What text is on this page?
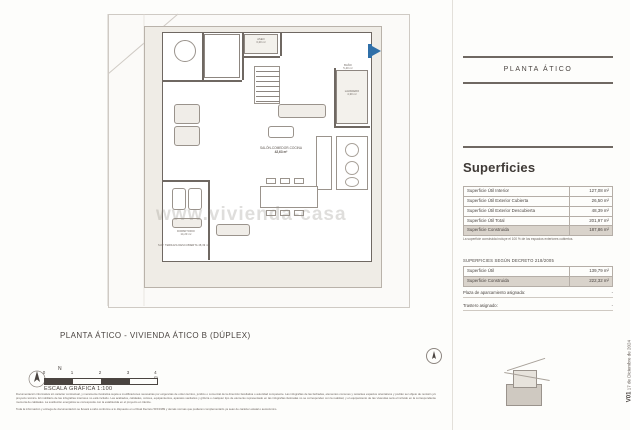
SALÓN-COMEDOR-COCINA
42,63 m²
ASEO
3,20 m²
LAVADERO
4,30 m²
BAÑO
5,40 m²
DORMITORIO
14,20 m²
SUP. TERRAZA DESCUBIERTA 48,39 m²
www.vivienda-casa
PLANTA ÁTICO - VIVIENDA ÁTICO B (DÚPLEX)
N
0	1	2	3	4 m
ESCALA GRÁFICA 1:100

Documentación informativa sin carácter contractual, y meramente ilustrativa sujeta a modificaciones necesarias por exigencias de orden técnico, jurídico o comercial de la dirección facultativa o autoridad competente. Las infografías de las fachadas, elementos comunes y restantes espacios orientativos y podrán ser objeto de revisión y/o proyecto técnico. El mobiliario de las infografías interiores no está incluido. Las acabados, calidades, colores, equipamientos, aparatos sanitarios y grifería o cualquier tipo de elemento representado en las infografías ilustradas no se corresponden con la realidad, y el equipamiento de las viviendas será el incluido en la correspondiente memoria de calidades. La sustitución energética se corresponde con la establecida en el proyecto en trámite.

Toda la información y entrega de documentación se llevará a cabo conforme a lo dispuesto en el Real Decreto 515/1989 y demás normas que pudieran complementarlo ya sean de carácter estatal o autonómico.

PLANTA ÁTICO
Superficies
Superficie Útil Interior	127,08 m²
Superficie Útil Exterior Cubierta	26,50 m²
Superficie Útil Exterior Descubierta	48,39 m²
Superficie Útil Total	201,97 m²
Superficie Construida	187,86 m²
La superficie construida incluye el 100 % de los espacios exteriores cubiertos.
SUPERFICIES SEGÚN DECRETO 218/2005
Superficie Útil	139,79 m²
Superficie Construida	222,32 m²
Plaza de aparcamiento asignada:	-
Trastero asignado:	-
V01 17 de Diciembre de 2024
